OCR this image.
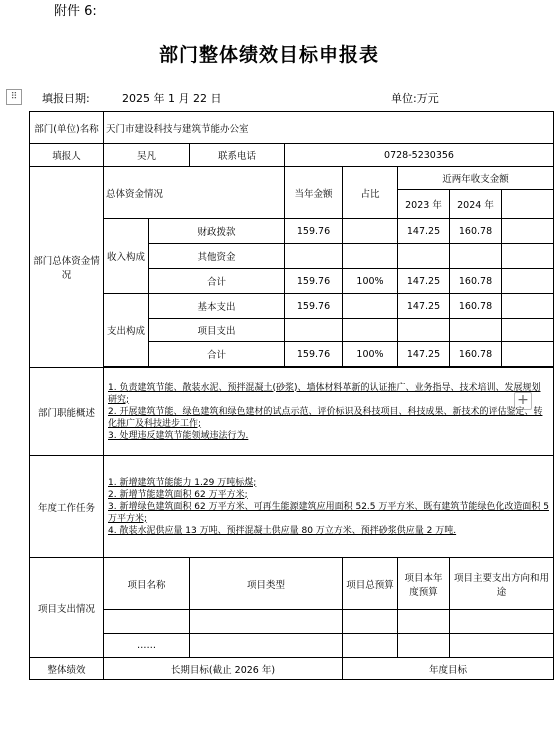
附件 6:
部门整体绩效目标申报表
⠿	填报日期:	2025 年 1 月 22 日	单位:万元
+
部门(单位)名称	天门市建设科技与建筑节能办公室							
填报人	吴凡		联系电话	0728-5230356				
部门总体资金情况	总体资金情况			当年金额	占比	近两年收支金额		
						2023 年	2024 年	
	收入构成	财政拨款		159.76		147.25	160.78	
		其他资金						
		合计		159.76	100%	147.25	160.78	
	支出构成	基本支出		159.76		147.25	160.78	
		项目支出						
		合计		159.76	100%	147.25	160.78	

部门职能概述	1. 负责建筑节能、散装水泥、预拌混凝土(砂浆)、墙体材料革新的认证推广、业务指导、技术培训、发展规划研究;
2. 开展建筑节能、绿色建筑和绿色建材的试点示范、评价标识及科技项目、科技成果、新技术的评估鉴定、转化推广及科技进步工作;
3. 处理违反建筑节能领域违法行为.							

年度工作任务	1. 新增建筑节能能力 1.29 万吨标煤;
2. 新增节能建筑面积 62 万平方米;
3. 新增绿色建筑面积 62 万平方米、可再生能源建筑应用面积 52.5 万平方米、既有建筑节能绿色化改造面积 5 万平方米;
4. 散装水泥供应量 13 万吨、预拌混凝土供应量 80 万立方米、预拌砂浆供应量 2 万吨.							

项目支出情况	项目名称		项目类型		项目总预算	项目本年度预算	项目主要支出方向和用途	

	……							
整体绩效	长期目标(截止 2026 年)				年度目标			
